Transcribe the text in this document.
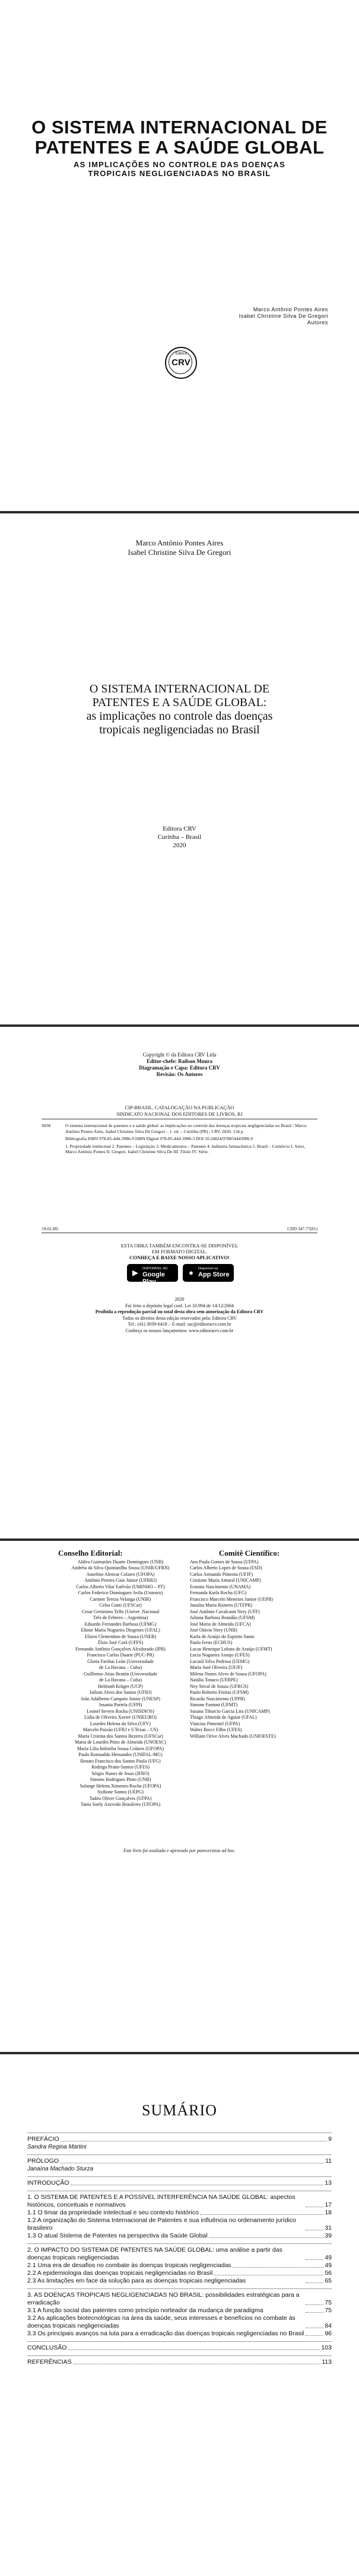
O SISTEMA INTERNACIONAL DE
PATENTES E A SAÚDE GLOBAL
AS IMPLICAÇÕES NO CONTROLE DAS DOENÇAS
TROPICAIS NEGLIGENCIADAS NO BRASIL
Marco Antônio Pontes Aires
Isabel Christine Silva De Gregori
Autores
Editora
CRV
Marco Antônio Pontes Aires
Isabel Christine Silva De Gregori
O SISTEMA INTERNACIONAL DE
PATENTES E A SAÚDE GLOBAL:
as implicações no controle das doenças
tropicais negligenciadas no Brasil
Editora CRV
Curitiba – Brasil
2020
Copyright © da Editora CRV Ltda
Editor-chefe: Railson Moura
Diagramação e Capa: Editora CRV
Revisão: Os Autores
CIP-BRASIL. CATALOGAÇÃO NA PUBLICAÇÃO
SINDICATO NACIONAL DOS EDITORES DE LIVROS, RJ
S838	O sistema internacional de patentes e a saúde global: as implicações no controle das doenças tropicais negligenciadas no Brasil / Marco Antônio Pontes Aires, Isabel Christine Silva De Gregori – 1. ed. – Curitiba (PR) : CRV, 2020. 134 p.
Bibliografia ISBN 978-85-444-3986-9 ISBN Digital 978-85-444-3988-3 DOI 10.24824/978854443986.9
1. Propriedade intelectual 2. Patentes – Legislação 3. Medicamentos – Patentes 4. Indústria farmacêutica 5. Brasil – Comércio I. Aires, Marco Antônio Pontes II. Gregori, Isabel Christine Silva De III. Título IV. Série.
19-61385	CDD 347.77(81)
ESTA OBRA TAMBÉM ENCONTRA-SE DISPONÍVEL
EM FORMATO DIGITAL.
CONHEÇA E BAIXE NOSSO APLICATIVO!
▶	DISPONÍVEL NO
Google Play
●	Disponível na
App Store
2020
Foi feito o depósito legal conf. Lei 10.994 de 14/12/2004
Proibida a reprodução parcial ou total desta obra sem autorização da Editora CRV
Todos os direitos desta edição reservados pela: Editora CRV
Tel.: (41) 3039-6418 – E-mail: sac@editoracrv.com.br
Conheça os nossos lançamentos: www.editoracrv.com.br
Conselho Editorial:
Aldira Guimarães Duarte Domínguez (UNB)
Andréia da Silva Quintanilha Sousa (UNIR/UFRN)
Anselmo Alencar Colares (UFOPA)
Antônio Pereira Gaio Júnior (UFRRJ)
Carlos Alberto Vilar Estêvão (UMINHO – PT)
Carlos Federico Dominguez Avila (Unieuro)
Carmen Tereza Velanga (UNIR)
Celso Conti (UFSCar)
Cesar Gerónimo Tello (Univer .Nacional
Três de Febrero – Argentina)
Eduardo Fernandes Barbosa (UFMG)
Elione Maria Nogueira Diogenes (UFAL)
Elizeu Clementino de Souza (UNEB)
Élsio José Corá (UFFS)
Fernando Antônio Gonçalves Alcoforado (IPB)
Francisco Carlos Duarte (PUC-PR)
Gloria Fariñas León (Universidade
de La Havana – Cuba)
Guillermo Arias Beatón (Universidade
de La Havana – Cuba)
Helmuth Krüger (UCP)
Jailson Alves dos Santos (UFRJ)
João Adalberto Campato Junior (UNESP)
Josania Portela (UFPI)
Leonel Severo Rocha (UNISINOS)
Lídia de Oliveira Xavier (UNIEURO)
Lourdes Helena da Silva (UFV)
Marcelo Paixão (UFRJ e UTexas – US)
Maria Cristina dos Santos Bezerra (UFSCar)
Maria de Lourdes Pinto de Almeida (UNOESC)
Maria Lília Imbiriba Sousa Colares (UFOPA)
Paulo Romualdo Hernandes (UNIFAL-MG)
Renato Francisco dos Santos Paula (UFG)
Rodrigo Pratte-Santos (UFES)
Sérgio Nunes de Jesus (IFRO)
Simone Rodrigues Pinto (UNB)
Solange Helena Ximenes-Rocha (UFOPA)
Sydione Santos (UEPG)
Tadeu Oliver Gonçalves (UFPA)
Tania Suely Azevedo Brasileiro (UFOPA)
Comitê Científico:
Ana Paula Gomes de Sousa (UFPA)
Carlos Alberto Lopes de Sousa (ESD)
Carlos Armando Pimenta (UFJF)
Cristiane Maria Amaral (UNICAMP)
Erasmo Nascimento (UNAMA)
Fernanda Karla Rocha (UFG)
Francisco Marcelo Menezes Junior (UEPB)
Janaína Maria Romero (UTFPR)
José Antônio Cavalcanti Nery (UFF)
Juliana Barbosa Brandão (UFSM)
José Mario de Almeida (UFCA)
José Otávio Nery (UNB)
Karla de Araújo do Espirito Santo
Paulo Ivens (ECHUS)
Lucas Henrique Lobato de Araújo (UFMT)
Lucia Nogueira Araujo (UFES)
Lucasli Silva Pedrosa (UEMG)
Maria José Oliveira (UFJF)
Milena Nunes Alves de Sousa (UFOPA)
Natália Tonaco (UFRPE)
Ney Stival de Souza (UFRGS)
Paulo Roberto Freitas (UFSM)
Ricardo Nascimento (UFPB)
Simone Fantoni (UFMT)
Susana Tiburcio Garcia Lira (UNICAMP)
Thiago Almeida de Aguiar (UFAL)
Vinicius Pimentel (UFPA)
Walter Bocci Filho (UFES)
William Orive Alves Machado (UNIOESTE)
Este livro foi avaliado e aprovado por pareceristas ad hoc.
SUMÁRIO
PREFÁCIO	9
Sandra Regina Martini
PRÓLOGO	11
Janaína Machado Sturza
INTRODUÇÃO	13
1. O SISTEMA DE PATENTES E A POSSÍVEL INTERFERÊNCIA NA SAÚDE GLOBAL: aspectos históricos, conceituais e normativos	17
1.1 O timar da propriedade intelectual e seu contexto histórico	18
1.2 A organização do Sistema Internacional de Patentes e sua influência no ordenamento jurídico brasileiro	31
1.3 O atual Sistema de Patentes na perspectiva da Saúde Global	39
2. O IMPACTO DO SISTEMA DE PATENTES NA SAÚDE GLOBAL: uma análise a partir das doenças tropicais negligenciadas	49
2.1 Uma era de desafios no combate às doenças tropicais negligenciadas	49
2.2 A epidemiologia das doenças tropicais negligenciadas no Brasil	56
2.3 As limitações em face da solução para as doenças tropicais negligenciadas	65
3. AS DOENÇAS TROPICAIS NEGLIGENCIADAS NO BRASIL: possibilidades estratégicas para a erradicação	75
3.1 A função social das patentes como princípio norteador da mudança de paradigma	75
3.2 As aplicações biotecnológicas na área da saúde, seus interesses e benefícios no combate às doenças tropicais negligenciadas	84
3.3 Os principais avanços na luta para a erradicação das doenças tropicais negligenciadas no Brasil	96
CONCLUSÃO	103
REFERÊNCIAS	113
